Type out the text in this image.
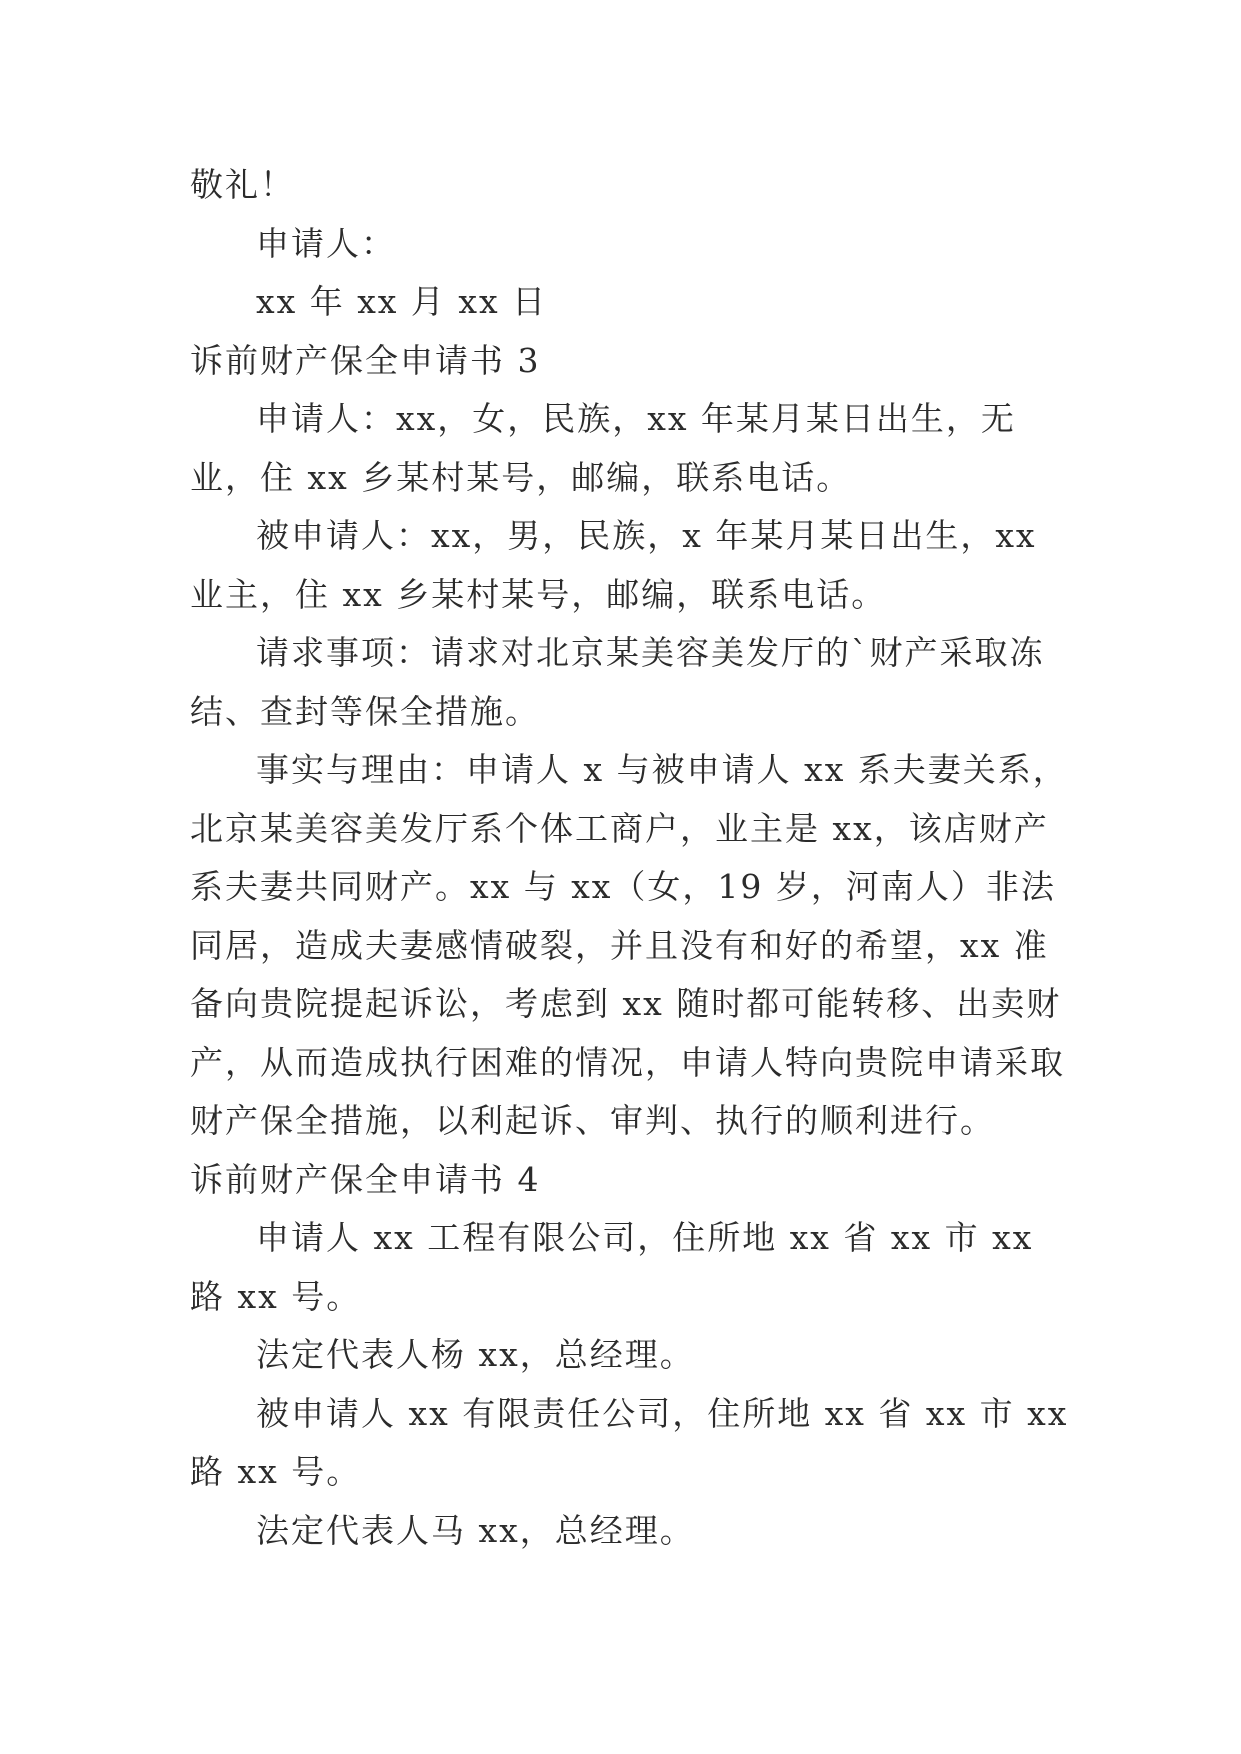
敬礼！

申请人：

xx 年 xx 月 xx 日

诉前财产保全申请书 3

申请人：xx，女，民族，xx 年某月某日出生，无业，住 xx 乡某村某号，邮编，联系电话。

被申请人：xx，男，民族，x 年某月某日出生，xx 业主，住 xx 乡某村某号，邮编，联系电话。

请求事项：请求对北京某美容美发厅的`财产采取冻结、查封等保全措施。

事实与理由：申请人 x 与被申请人 xx 系夫妻关系，北京某美容美发厅系个体工商户，业主是 xx，该店财产系夫妻共同财产。xx 与 xx（女，19 岁，河南人）非法同居，造成夫妻感情破裂，并且没有和好的希望，xx 准备向贵院提起诉讼，考虑到 xx 随时都可能转移、出卖财产，从而造成执行困难的情况，申请人特向贵院申请采取财产保全措施，以利起诉、审判、执行的顺利进行。

诉前财产保全申请书 4

申请人 xx 工程有限公司，住所地 xx 省 xx 市 xx 路 xx 号。

法定代表人杨 xx，总经理。

被申请人 xx 有限责任公司，住所地 xx 省 xx 市 xx 路 xx 号。

法定代表人马 xx，总经理。
